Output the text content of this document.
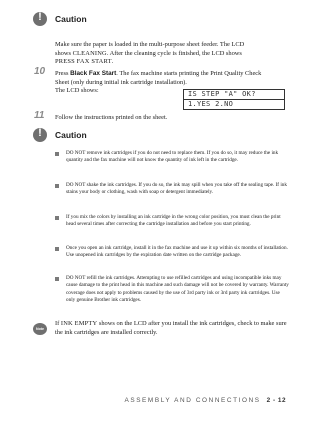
!	Caution
Make sure the paper is loaded in the multi-purpose sheet feeder. The LCD
shows CLEANING. After the cleaning cycle is finished, the LCD shows
PRESS FAX START.
10 Press Black Fax Start. The fax machine starts printing the Print Quality Check
Sheet (only during initial ink cartridge installation).
The LCD shows:	IS STEP "A" OK?
1.YES 2.NO
11 Follow the instructions printed on the sheet.
!	Caution
DO NOT remove ink cartridges if you do not need to replace them. If you do so, it may reduce the ink quantity and the fax machine will not know the quantity of ink left in the cartridge.
DO NOT shake the ink cartridges. If you do so, the ink may spill when you take off the sealing tape. If ink stains your body or clothing, wash with soap or detergent immediately.
If you mix the colors by installing an ink cartridge in the wrong color position, you must clean the print head several times after correcting the cartridge installation and before you start printing.
Once you open an ink cartridge, install it in the fax machine and use it up within six months of installation. Use unopened ink cartridges by the expiration date written on the cartridge package.
DO NOT refill the ink cartridges. Attempting to use refilled cartridges and using incompatible inks may cause damage to the print head in this machine and such damage will not be covered by warranty. Warranty coverage does not apply to problems caused by the use of 3rd party ink or 3rd party ink cartridges. Use only genuine Brother ink cartridges.
Note
If INK EMPTY shows on the LCD after you install the ink cartridges, check to make sure the ink cartridges are installed correctly.
ASSEMBLY AND CONNECTIONS 2 - 12
